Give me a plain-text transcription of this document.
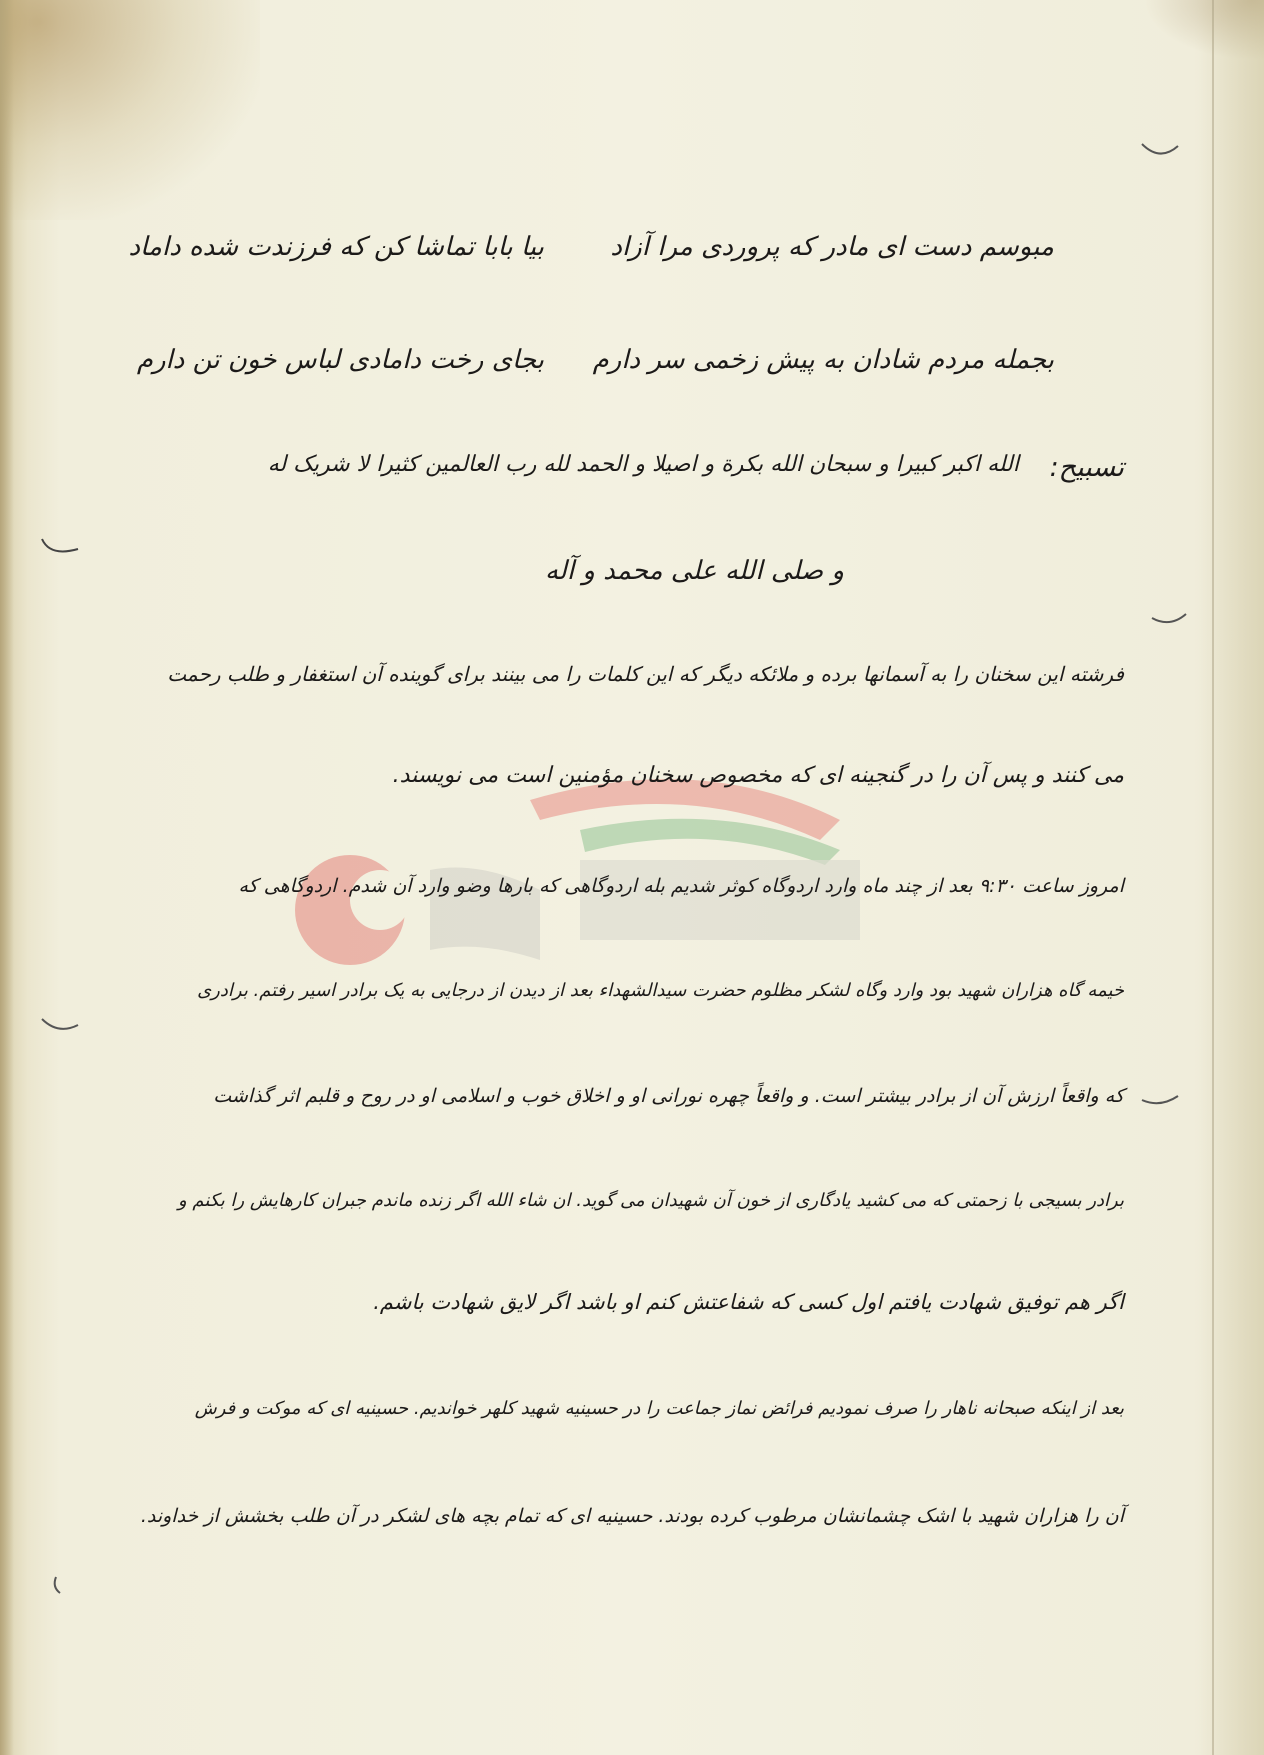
مبوسم دست ای مادر که پروردی مرا آزاد
بیا بابا تماشا کن که فرزندت شده داماد
بجمله مردم شادان به پیش زخمی سر دارم
بجای رخت دامادی لباس خون تن دارم
تسبیح:
الله اکبر کبیرا و سبحان الله بکرة و اصیلا و الحمد لله رب العالمین کثیرا لا شریک له
و صلی الله علی محمد و آله
فرشته این سخنان را به آسمانها برده و ملائکه دیگر که این کلمات را می بینند برای گوینده آن استغفار و طلب رحمت
می کنند و پس آن را در گنجینه ای که مخصوص سخنان مؤمنین است می نویسند.
امروز ساعت ۹:۳۰ بعد از چند ماه وارد اردوگاه کوثر شدیم بله اردوگاهی که بارها وضو وارد آن شدم. اردوگاهی که
خیمه گاه هزاران شهید بود وارد وگاه لشکر مظلوم حضرت سیدالشهداء بعد از دیدن از درجایی به یک برادر اسیر رفتم. برادری
که واقعاً ارزش آن از برادر بیشتر است. و واقعاً چهره نورانی او و اخلاق خوب و اسلامی او در روح و قلبم اثر گذاشت
برادر بسیجی با زحمتی که می کشید یادگاری از خون آن شهیدان می گوید. ان شاء الله اگر زنده ماندم جبران کارهایش را بکنم و
اگر هم توفیق شهادت یافتم اول کسی که شفاعتش کنم او باشد اگر لایق شهادت باشم.
بعد از اینکه صبحانه ناهار را صرف نمودیم فرائض نماز جماعت را در حسینیه شهید کلهر خواندیم. حسینیه ای که موکت و فرش
آن را هزاران شهید با اشک چشمانشان مرطوب کرده بودند. حسینیه ای که تمام بچه های لشکر در آن طلب بخشش از خداوند.
